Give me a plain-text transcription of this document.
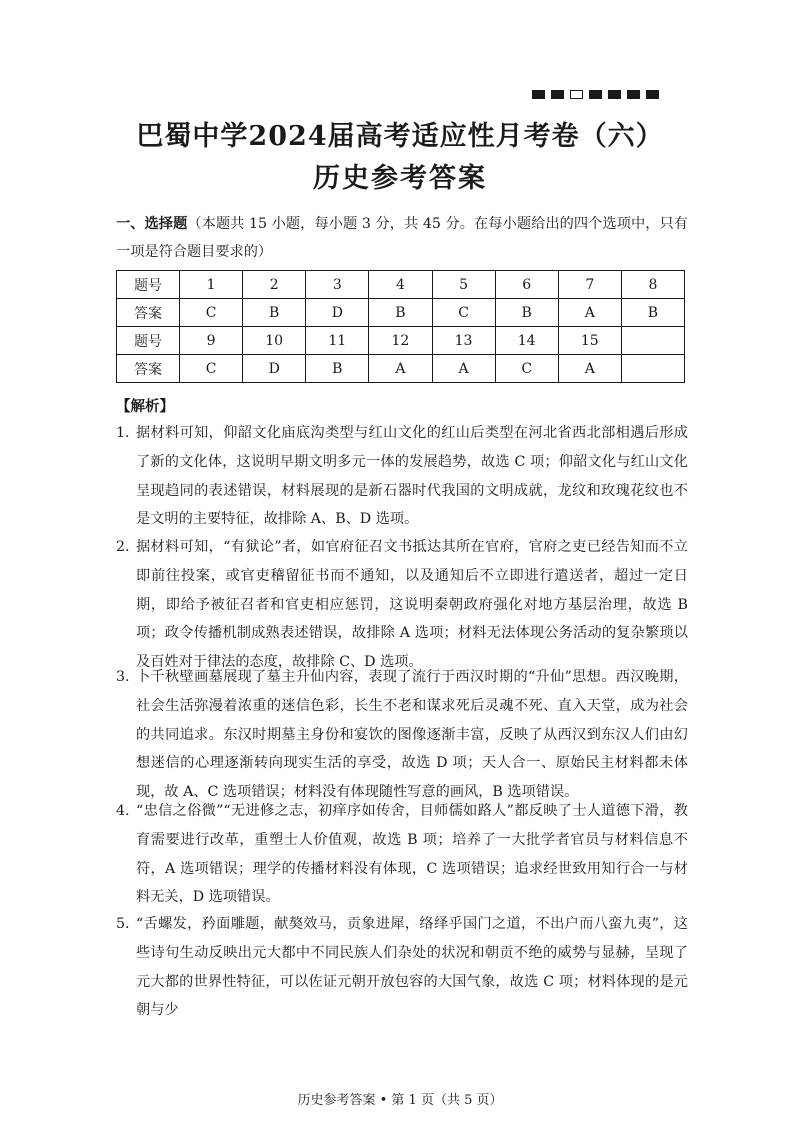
巴蜀中学2024届高考适应性月考卷（六）
历史参考答案
一、选择题（本题共 15 小题，每小题 3 分，共 45 分。在每小题给出的四个选项中，只有一项是符合题目要求的）
题号	1	2	3	4	5	6	7	8
答案	C	B	D	B	C	B	A	B
题号	9	10	11	12	13	14	15	
答案	C	D	B	A	A	C	A	
【解析】
1. 据材料可知，仰韶文化庙底沟类型与红山文化的红山后类型在河北省西北部相遇后形成了新的文化体，这说明早期文明多元一体的发展趋势，故选 C 项；仰韶文化与红山文化呈现趋同的表述错误，材料展现的是新石器时代我国的文明成就，龙纹和玫瑰花纹也不是文明的主要特征，故排除 A、B、D 选项。
2. 据材料可知，“有狱论”者，如官府征召文书抵达其所在官府，官府之吏已经告知而不立即前往投案，或官吏稽留征书而不通知，以及通知后不立即进行遣送者，超过一定日期，即给予被征召者和官吏相应惩罚，这说明秦朝政府强化对地方基层治理，故选 B 项；政令传播机制成熟表述错误，故排除 A 选项；材料无法体现公务活动的复杂繁琐以及百姓对于律法的态度，故排除 C、D 选项。
3. 卜千秋壁画墓展现了墓主升仙内容，表现了流行于西汉时期的“升仙”思想。西汉晚期，社会生活弥漫着浓重的迷信色彩，长生不老和谋求死后灵魂不死、直入天堂，成为社会的共同追求。东汉时期墓主身份和宴饮的图像逐渐丰富，反映了从西汉到东汉人们由幻想迷信的心理逐渐转向现实生活的享受，故选 D 项；天人合一、原始民主材料都未体现，故 A、C 选项错误；材料没有体现随性写意的画风，B 选项错误。
4. “忠信之俗微”“无进修之志，初痒序如传舍，目师儒如路人”都反映了士人道德下滑，教育需要进行改革，重塑士人价值观，故选 B 项；培养了一大批学者官员与材料信息不符，A 选项错误；理学的传播材料没有体现，C 选项错误；追求经世致用知行合一与材料无关，D 选项错误。
5. “舌螺发，矜面雕题，献獒效马，贡象进犀，络绎乎国门之道，不出户而八蛮九夷”，这些诗句生动反映出元大都中不同民族人们杂处的状况和朝贡不绝的威势与显赫，呈现了元大都的世界性特征，可以佐证元朝开放包容的大国气象，故选 C 项；材料体现的是元朝与少
历史参考答案 • 第 1 页（共 5 页）
